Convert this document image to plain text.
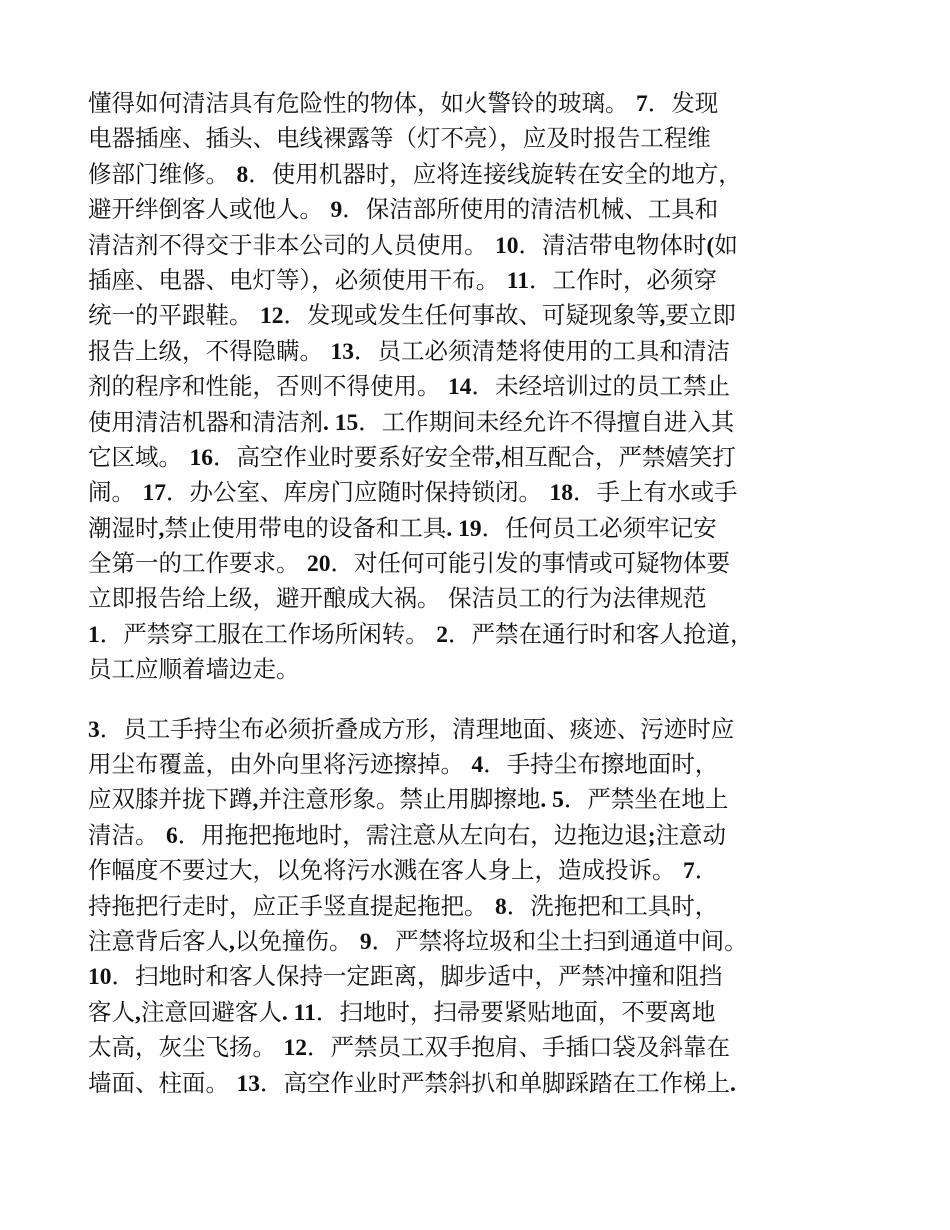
懂得如何清洁具有危险性的物体，如火警铃的玻璃。 7．发现
电器插座、插头、电线裸露等（灯不亮），应及时报告工程维
修部门维修。 8．使用机器时，应将连接线旋转在安全的地方，
避开绊倒客人或他人。 9．保洁部所使用的清洁机械、工具和
清洁剂不得交于非本公司的人员使用。 10．清洁带电物体时(如
插座、电器、电灯等），必须使用干布。 11．工作时，必须穿
统一的平跟鞋。 12．发现或发生任何事故、可疑现象等,要立即
报告上级，不得隐瞒。 13．员工必须清楚将使用的工具和清洁
剂的程序和性能，否则不得使用。 14．未经培训过的员工禁止
使用清洁机器和清洁剂. 15．工作期间未经允许不得擅自进入其
它区域。 16．高空作业时要系好安全带,相互配合，严禁嬉笑打
闹。 17．办公室、库房门应随时保持锁闭。 18．手上有水或手
潮湿时,禁止使用带电的设备和工具. 19．任何员工必须牢记安
全第一的工作要求。 20．对任何可能引发的事情或可疑物体要
立即报告给上级，避开酿成大祸。 保洁员工的行为法律规范
1．严禁穿工服在工作场所闲转。 2．严禁在通行时和客人抢道，
员工应顺着墙边走。
3．员工手持尘布必须折叠成方形，清理地面、痰迹、污迹时应
用尘布覆盖，由外向里将污迹擦掉。 4．手持尘布擦地面时，
应双膝并拢下蹲,并注意形象。禁止用脚擦地. 5．严禁坐在地上
清洁。 6．用拖把拖地时，需注意从左向右，边拖边退;注意动
作幅度不要过大，以免将污水溅在客人身上，造成投诉。 7．
持拖把行走时，应正手竖直提起拖把。 8．洗拖把和工具时，
注意背后客人,以免撞伤。 9．严禁将垃圾和尘土扫到通道中间。
10．扫地时和客人保持一定距离，脚步适中，严禁冲撞和阻挡
客人,注意回避客人. 11．扫地时，扫帚要紧贴地面，不要离地
太高，灰尘飞扬。 12．严禁员工双手抱肩、手插口袋及斜靠在
墙面、柱面。 13．高空作业时严禁斜扒和单脚踩踏在工作梯上.
